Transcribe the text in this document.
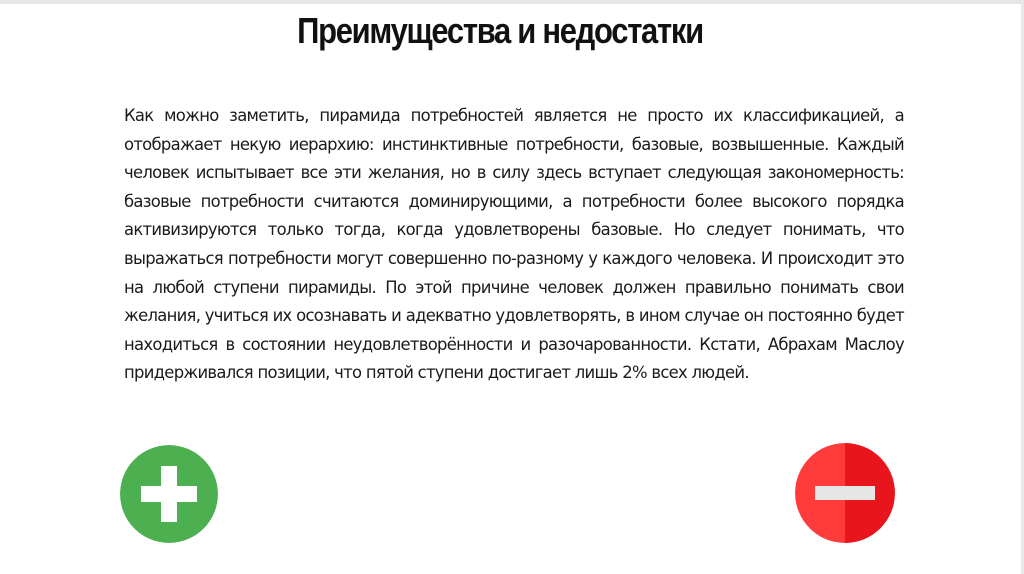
Преимущества и недостатки

Как можно заметить, пирамида потребностей является не просто их классификацией, а отображает некую иерархию: инстинктивные потребности, базовые, возвышенные. Каждый человек испытывает все эти желания, но в силу здесь вступает следующая закономерность: базовые потребности считаются доминирующими, а потребности более высокого порядка активизируются только тогда, когда удовлетворены базовые. Но следует понимать, что выражаться потребности могут совершенно по-разному у каждого человека. И происходит это на любой ступени пирамиды. По этой причине человек должен правильно понимать свои желания, учиться их осознавать и адекватно удовлетворять, в ином случае он постоянно будет находиться в состоянии неудовлетворённости и разочарованности. Кстати, Абрахам Маслоу придерживался позиции, что пятой ступени достигает лишь 2% всех людей.
